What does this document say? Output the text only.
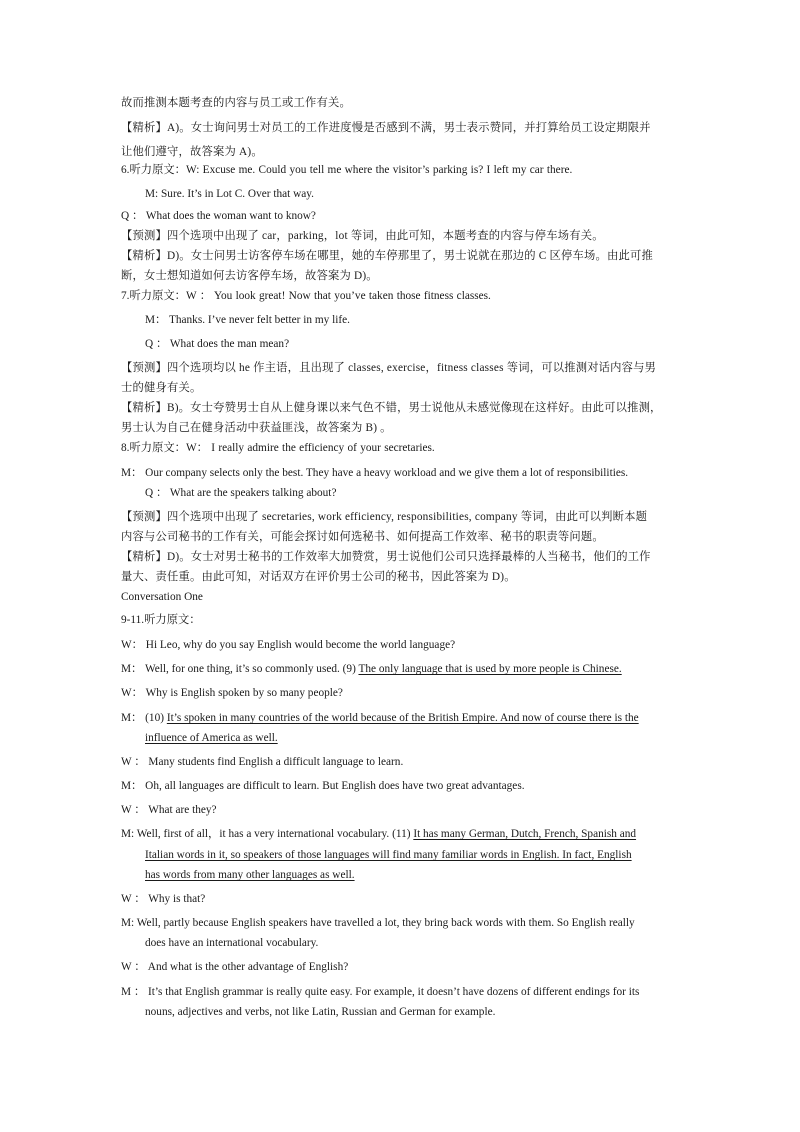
故而推测本题考查的内容与员工或工作有关。
【精析】A)。女士询问男士对员工的工作进度慢是否感到不满，男士表示赞同，并打算给员工设定期限并
让他们遵守，故答案为 A)。
6.听力原文：W: Excuse me. Could you tell me where the visitor’s parking is? I left my car there.
M: Sure. It’s in Lot C. Over that way.
Q ： What does the woman want to know?
【预测】四个选项中出现了 car，parking，lot 等词，由此可知，本题考查的内容与停车场有关。
【精析】D)。女士问男士访客停车场在哪里，她的车停那里了，男士说就在那边的 C 区停车场。由此可推
断，女士想知道如何去访客停车场，故答案为 D)。
7.听力原文：W ： You look great! Now that you’ve taken those fitness classes.
M： Thanks. I’ve never felt better in my life.
Q ： What does the man mean?
【预测】四个选项均以 he 作主语，且出现了 classes, exercise，fitness classes 等词，可以推测对话内容与男
士的健身有关。
【精析】B)。女士夸赞男士自从上健身课以来气色不错，男士说他从未感觉像现在这样好。由此可以推测，
男士认为自己在健身活动中获益匪浅，故答案为 B) 。
8.听力原文：W： I really admire the efficiency of your secretaries.
M： Our company selects only the best. They have a heavy workload and we give them a lot of responsibilities.
Q ： What are the speakers talking about?
【预测】四个选项中出现了 secretaries, work efficiency, responsibilities, company 等词，由此可以判断本题
内容与公司秘书的工作有关，可能会探讨如何选秘书、如何提高工作效率、秘书的职责等问题。
【精析】D)。女士对男士秘书的工作效率大加赞赏，男士说他们公司只选择最棒的人当秘书，他们的工作
量大、责任重。由此可知，对话双方在评价男士公司的秘书，因此答案为 D)。
Conversation One
9-11.听力原文：
W： Hi Leo, why do you say English would become the world language?
M： Well, for one thing, it’s so commonly used. (9) The only language that is used by more people is Chinese.
W： Why is English spoken by so many people?
M： (10) It’s spoken in many countries of the world because of the British Empire. And now of course there is the
influence of America as well.
W ： Many students find English a difficult language to learn.
M： Oh, all languages are difficult to learn. But English does have two great advantages.
W ： What are they?
M: Well, first of all，it has a very international vocabulary. (11) It has many German, Dutch, French, Spanish and
Italian words in it, so speakers of those languages will find many familiar words in English. In fact, English
has words from many other languages as well.
W ： Why is that?
M: Well, partly because English speakers have travelled a lot, they bring back words with them. So English really
does have an international vocabulary.
W ： And what is the other advantage of English?
M ： It’s that English grammar is really quite easy. For example, it doesn’t have dozens of different endings for its
nouns, adjectives and verbs, not like Latin, Russian and German for example.
